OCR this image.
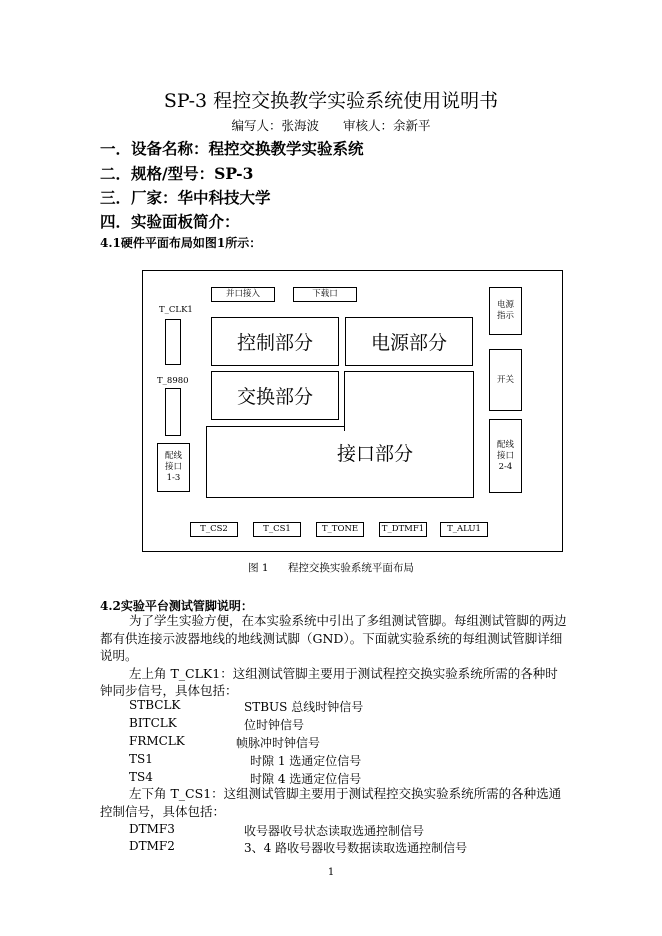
SP-3 程控交换教学实验系统使用说明书
编写人：张海波 审核人：余新平
一．设备名称：程控交换教学实验系统
二．规格/型号：SP-3
三．厂家：华中科技大学
四．实验面板简介：
4.1硬件平面布局如图1所示：
并口接入	下载口
T_CLK1
T_8980
配线接口1-3
控制部分	电源部分
接口部分
交换部分
电源指示
开关
配线接口2-4
T_CS2	T_CS1	T_TONE	T_DTMF1	T_ALU1
图 1 程控交换实验系统平面布局
4.2实验平台测试管脚说明：

为了学生实验方便，在本实验系统中引出了多组测试管脚。每组测试管脚的两边都有供连接示波器地线的地线测试脚（GND）。下面就实验系统的每组测试管脚详细说明。

左上角 T_CLK1：这组测试管脚主要用于测试程控交换实验系统所需的各种时钟同步信号，具体包括：

STBCLK	STBUS 总线时钟信号
BITCLK	位时钟信号
FRMCLK	帧脉冲时钟信号
TS1	时隙 1 选通定位信号
TS4	时隙 4 选通定位信号

左下角 T_CS1：这组测试管脚主要用于测试程控交换实验系统所需的各种选通控制信号，具体包括：

DTMF3	收号器收号状态读取选通控制信号
DTMF2	3、4 路收号器收号数据读取选通控制信号
1
